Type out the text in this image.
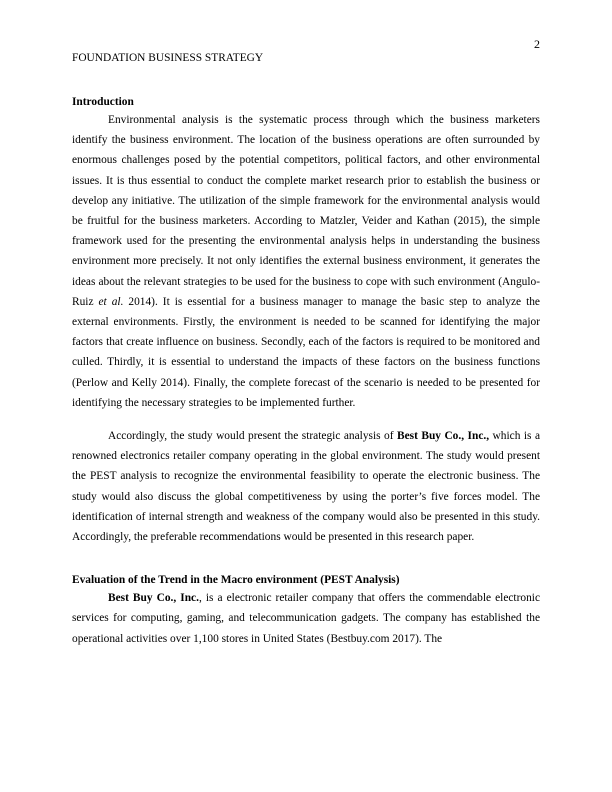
2
FOUNDATION BUSINESS STRATEGY

Introduction

Environmental analysis is the systematic process through which the business marketers identify the business environment. The location of the business operations are often surrounded by enormous challenges posed by the potential competitors, political factors, and other environmental issues. It is thus essential to conduct the complete market research prior to establish the business or develop any initiative. The utilization of the simple framework for the environmental analysis would be fruitful for the business marketers. According to Matzler, Veider and Kathan (2015), the simple framework used for the presenting the environmental analysis helps in understanding the business environment more precisely. It not only identifies the external business environment, it generates the ideas about the relevant strategies to be used for the business to cope with such environment (Angulo-Ruiz et al. 2014). It is essential for a business manager to manage the basic step to analyze the external environments. Firstly, the environment is needed to be scanned for identifying the major factors that create influence on business. Secondly, each of the factors is required to be monitored and culled. Thirdly, it is essential to understand the impacts of these factors on the business functions (Perlow and Kelly 2014). Finally, the complete forecast of the scenario is needed to be presented for identifying the necessary strategies to be implemented further.

Accordingly, the study would present the strategic analysis of Best Buy Co., Inc., which is a renowned electronics retailer company operating in the global environment. The study would present the PEST analysis to recognize the environmental feasibility to operate the electronic business. The study would also discuss the global competitiveness by using the porter’s five forces model. The identification of internal strength and weakness of the company would also be presented in this study. Accordingly, the preferable recommendations would be presented in this research paper.

Evaluation of the Trend in the Macro environment (PEST Analysis)

Best Buy Co., Inc., is a electronic retailer company that offers the commendable electronic services for computing, gaming, and telecommunication gadgets. The company has established the operational activities over 1,100 stores in United States (Bestbuy.com 2017). The
